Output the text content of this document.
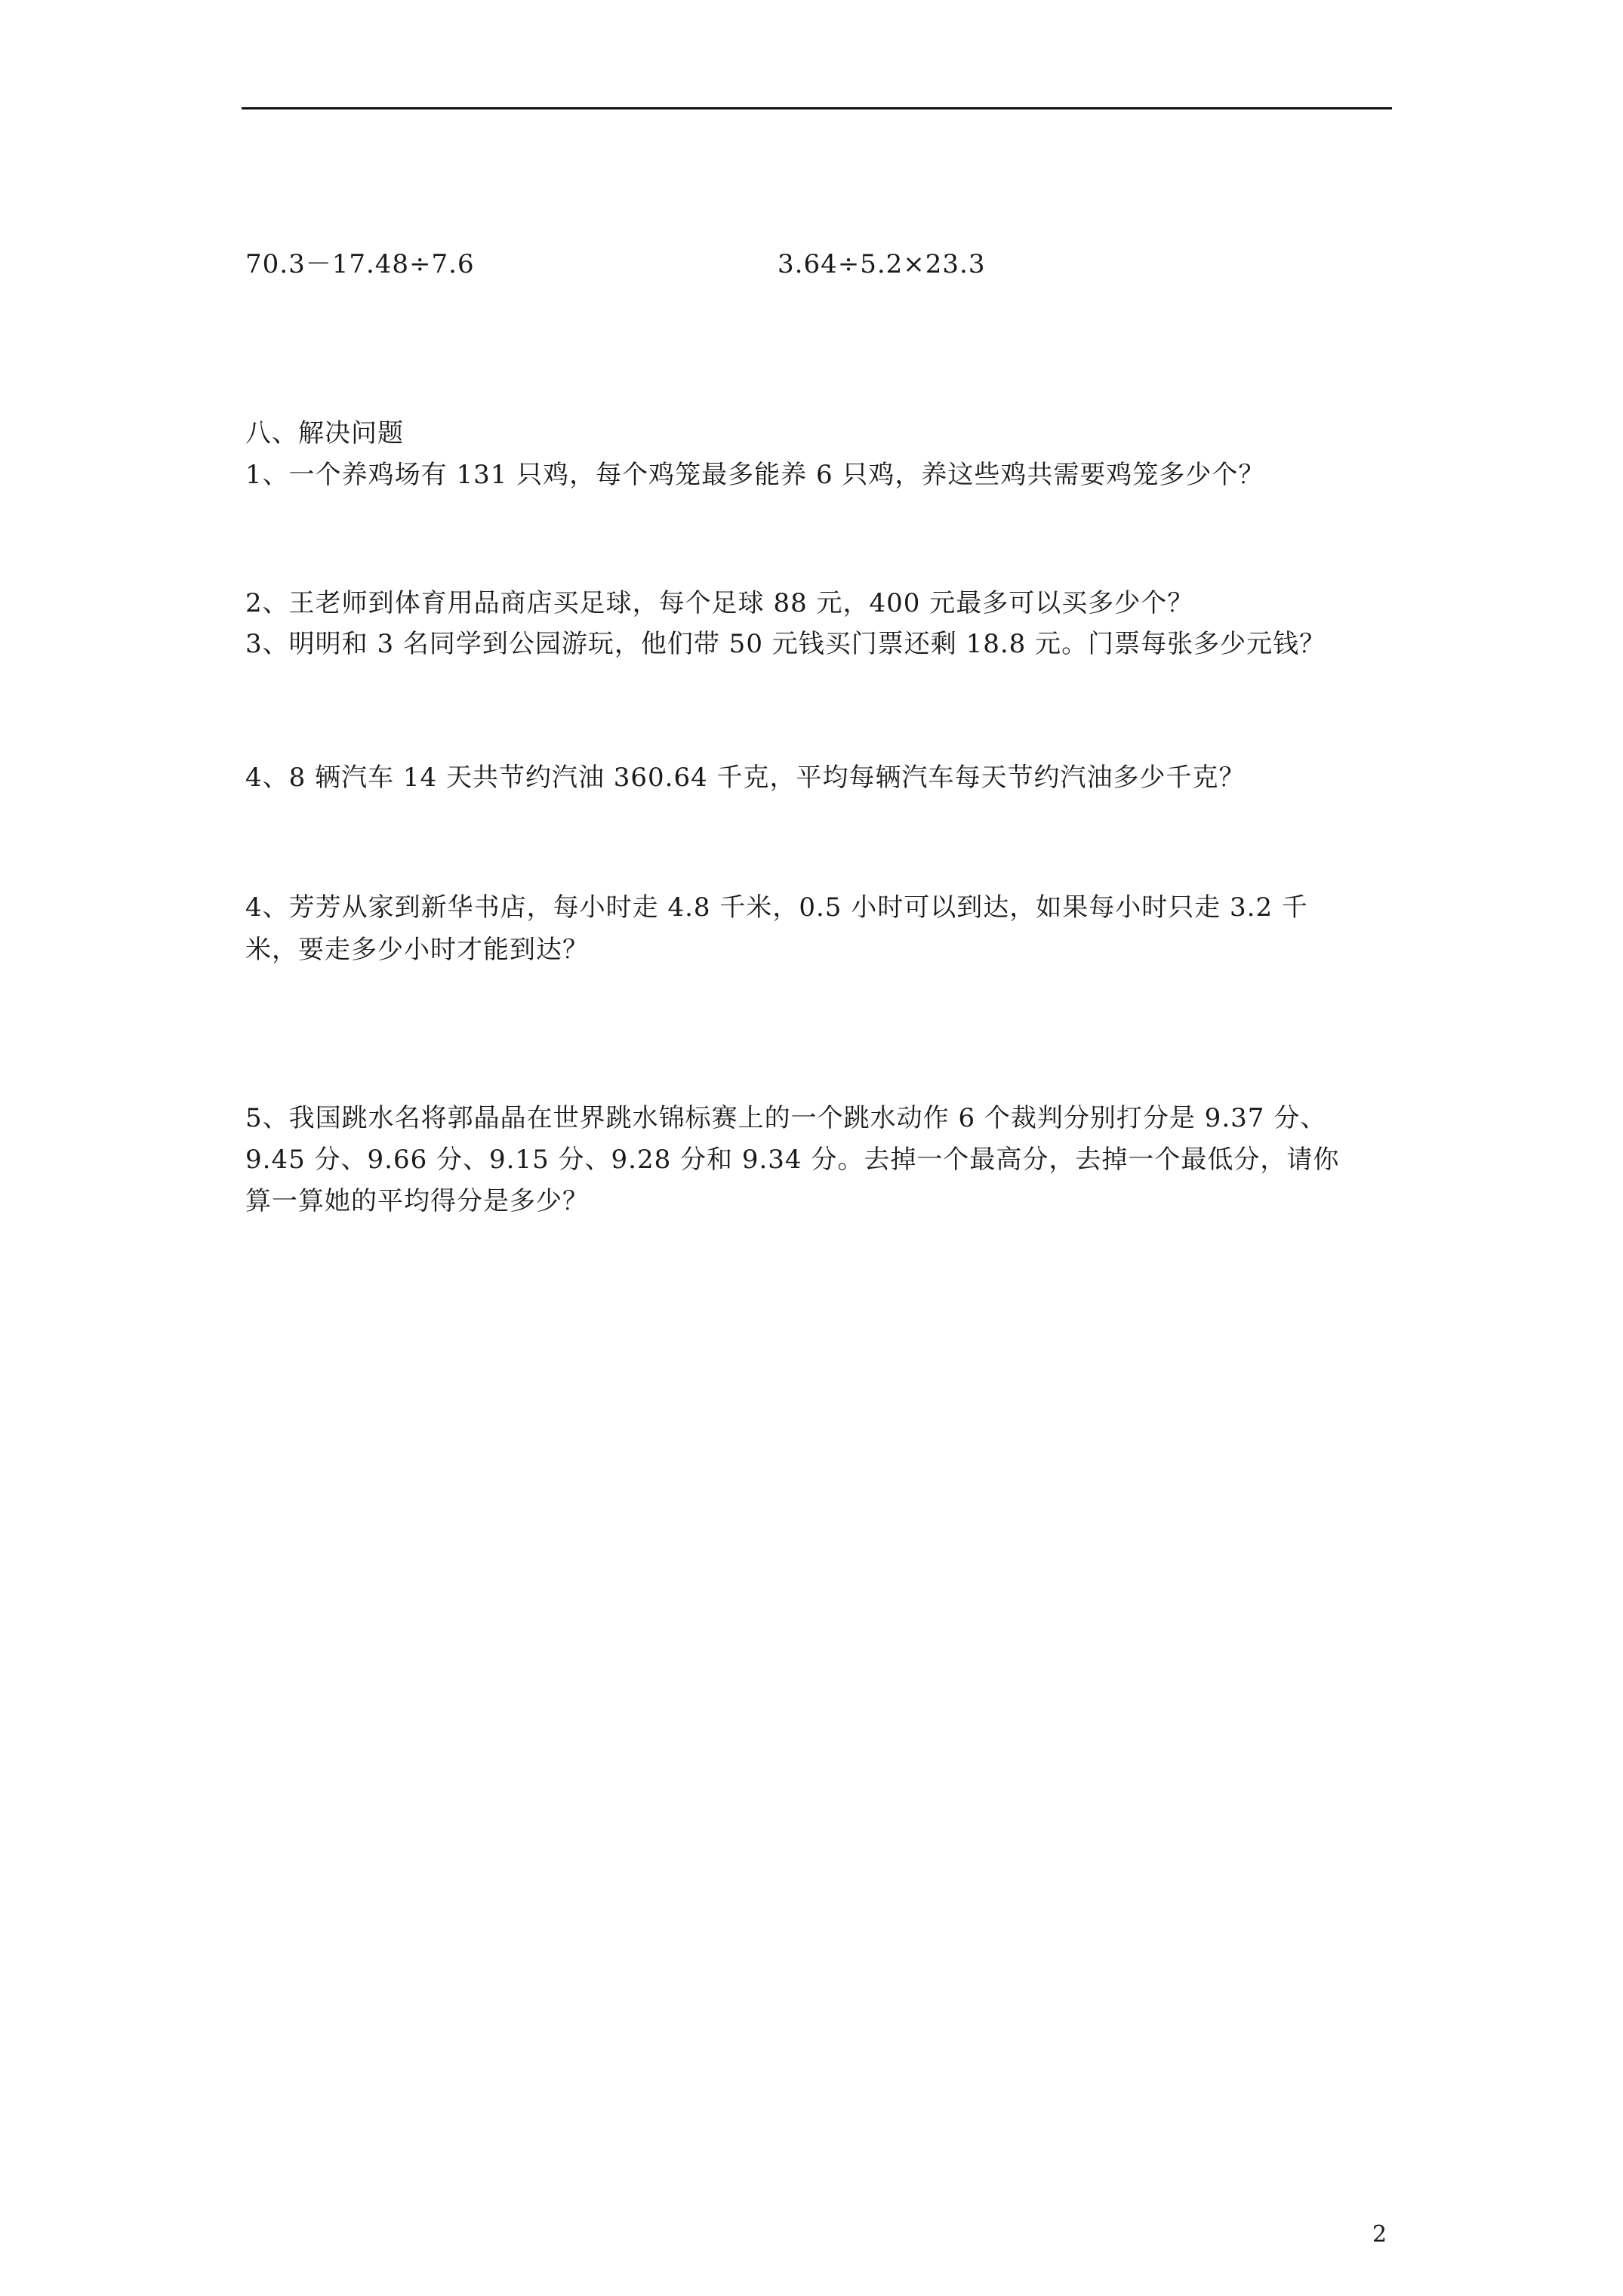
70.3－17.48÷7.6	3.64÷5.2×23.3
八、解决问题
1、一个养鸡场有 131 只鸡，每个鸡笼最多能养 6 只鸡，养这些鸡共需要鸡笼多少个？
2、王老师到体育用品商店买足球，每个足球 88 元，400 元最多可以买多少个？
3、明明和 3 名同学到公园游玩，他们带 50 元钱买门票还剩 18.8 元。门票每张多少元钱？
4、8 辆汽车 14 天共节约汽油 360.64 千克，平均每辆汽车每天节约汽油多少千克？
4、芳芳从家到新华书店，每小时走 4.8 千米，0.5 小时可以到达，如果每小时只走 3.2 千
米，要走多少小时才能到达？
5、我国跳水名将郭晶晶在世界跳水锦标赛上的一个跳水动作 6 个裁判分别打分是 9.37 分、
9.45 分、9.66 分、9.15 分、9.28 分和 9.34 分。去掉一个最高分，去掉一个最低分，请你
算一算她的平均得分是多少？
2
